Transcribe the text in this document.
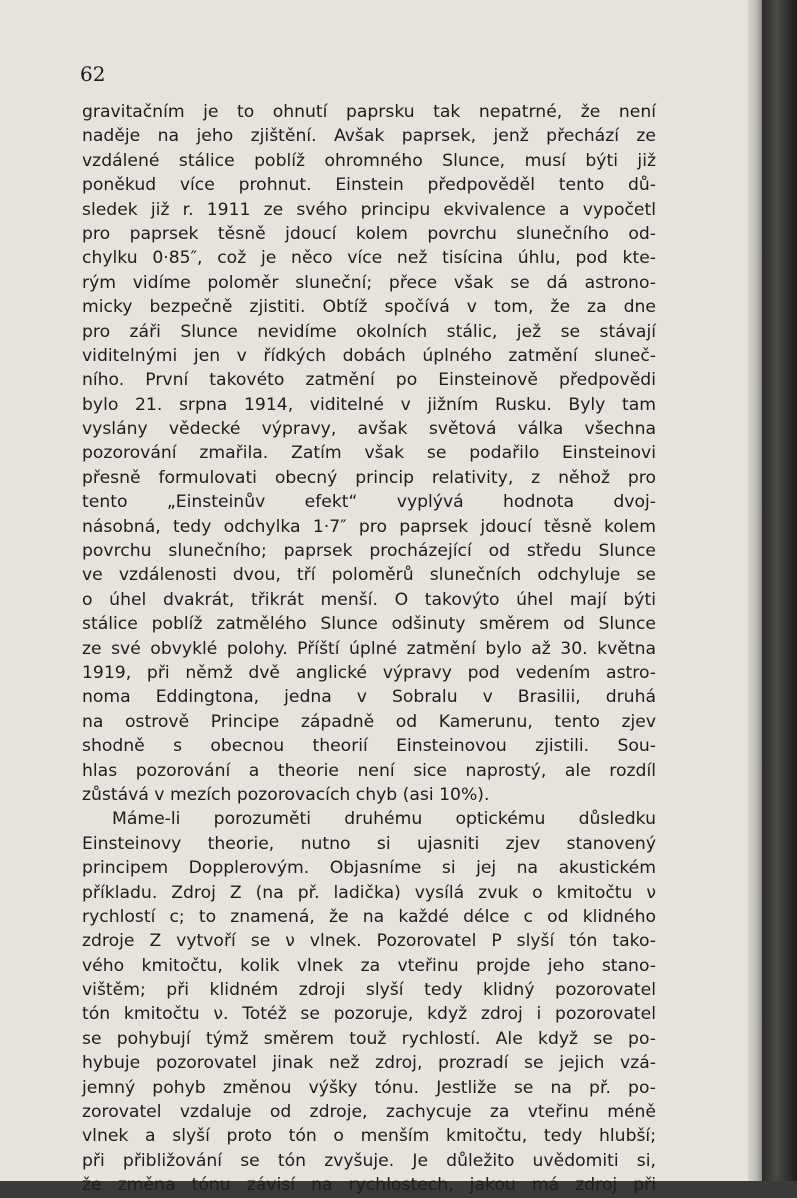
62
gravitačním je to ohnutí paprsku tak nepatrné, že není
naděje na jeho zjištění. Avšak paprsek, jenž přechází ze
vzdálené stálice poblíž ohromného Slunce, musí býti již
poněkud více prohnut. Einstein předpověděl tento dů-
sledek již r. 1911 ze svého principu ekvivalence a vypočetl
pro paprsek těsně jdoucí kolem povrchu slunečního od-
chylku 0·85″, což je něco více než tisícina úhlu, pod kte-
rým vidíme poloměr sluneční; přece však se dá astrono-
micky bezpečně zjistiti. Obtíž spočívá v tom, že za dne
pro záři Slunce nevidíme okolních stálic, jež se stávají
viditelnými jen v řídkých dobách úplného zatmění sluneč-
ního. První takovéto zatmění po Einsteinově předpovědi
bylo 21. srpna 1914, viditelné v jižním Rusku. Byly tam
vyslány vědecké výpravy, avšak světová válka všechna
pozorování zmařila. Zatím však se podařilo Einsteinovi
přesně formulovati obecný princip relativity, z něhož pro
tento „Einsteinův efekt“ vyplývá hodnota dvoj-
násobná, tedy odchylka 1·7″ pro paprsek jdoucí těsně kolem
povrchu slunečního; paprsek procházející od středu Slunce
ve vzdálenosti dvou, tří poloměrů slunečních odchyluje se
o úhel dvakrát, třikrát menší. O takovýto úhel mají býti
stálice poblíž zatmělého Slunce odšinuty směrem od Slunce
ze své obvyklé polohy. Příští úplné zatmění bylo až 30. května
1919, při němž dvě anglické výpravy pod vedením astro-
noma Eddingtona, jedna v Sobralu v Brasilii, druhá
na ostrově Principe západně od Kamerunu, tento zjev
shodně s obecnou theorií Einsteinovou zjistili. Sou-
hlas pozorování a theorie není sice naprostý, ale rozdíl
zůstává v mezích pozorovacích chyb (asi 10%).
Máme-li porozuměti druhému optickému důsledku
Einsteinovy theorie, nutno si ujasniti zjev stanovený
principem Dopplerovým. Objasníme si jej na akustickém
příkladu. Zdroj Z (na př. ladička) vysílá zvuk o kmitočtu ν
rychlostí c; to znamená, že na každé délce c od klidného
zdroje Z vytvoří se ν vlnek. Pozorovatel P slyší tón tako-
vého kmitočtu, kolik vlnek za vteřinu projde jeho stano-
vištěm; při klidném zdroji slyší tedy klidný pozorovatel
tón kmitočtu ν. Totéž se pozoruje, když zdroj i pozorovatel
se pohybují týmž směrem touž rychlostí. Ale když se po-
hybuje pozorovatel jinak než zdroj, prozradí se jejich vzá-
jemný pohyb změnou výšky tónu. Jestliže se na př. po-
zorovatel vzdaluje od zdroje, zachycuje za vteřinu méně
vlnek a slyší proto tón o menším kmitočtu, tedy hlubší;
při přibližování se tón zvyšuje. Je důležito uvědomiti si,
že změna tónu závisí na rychlostech, jakou má zdroj při
